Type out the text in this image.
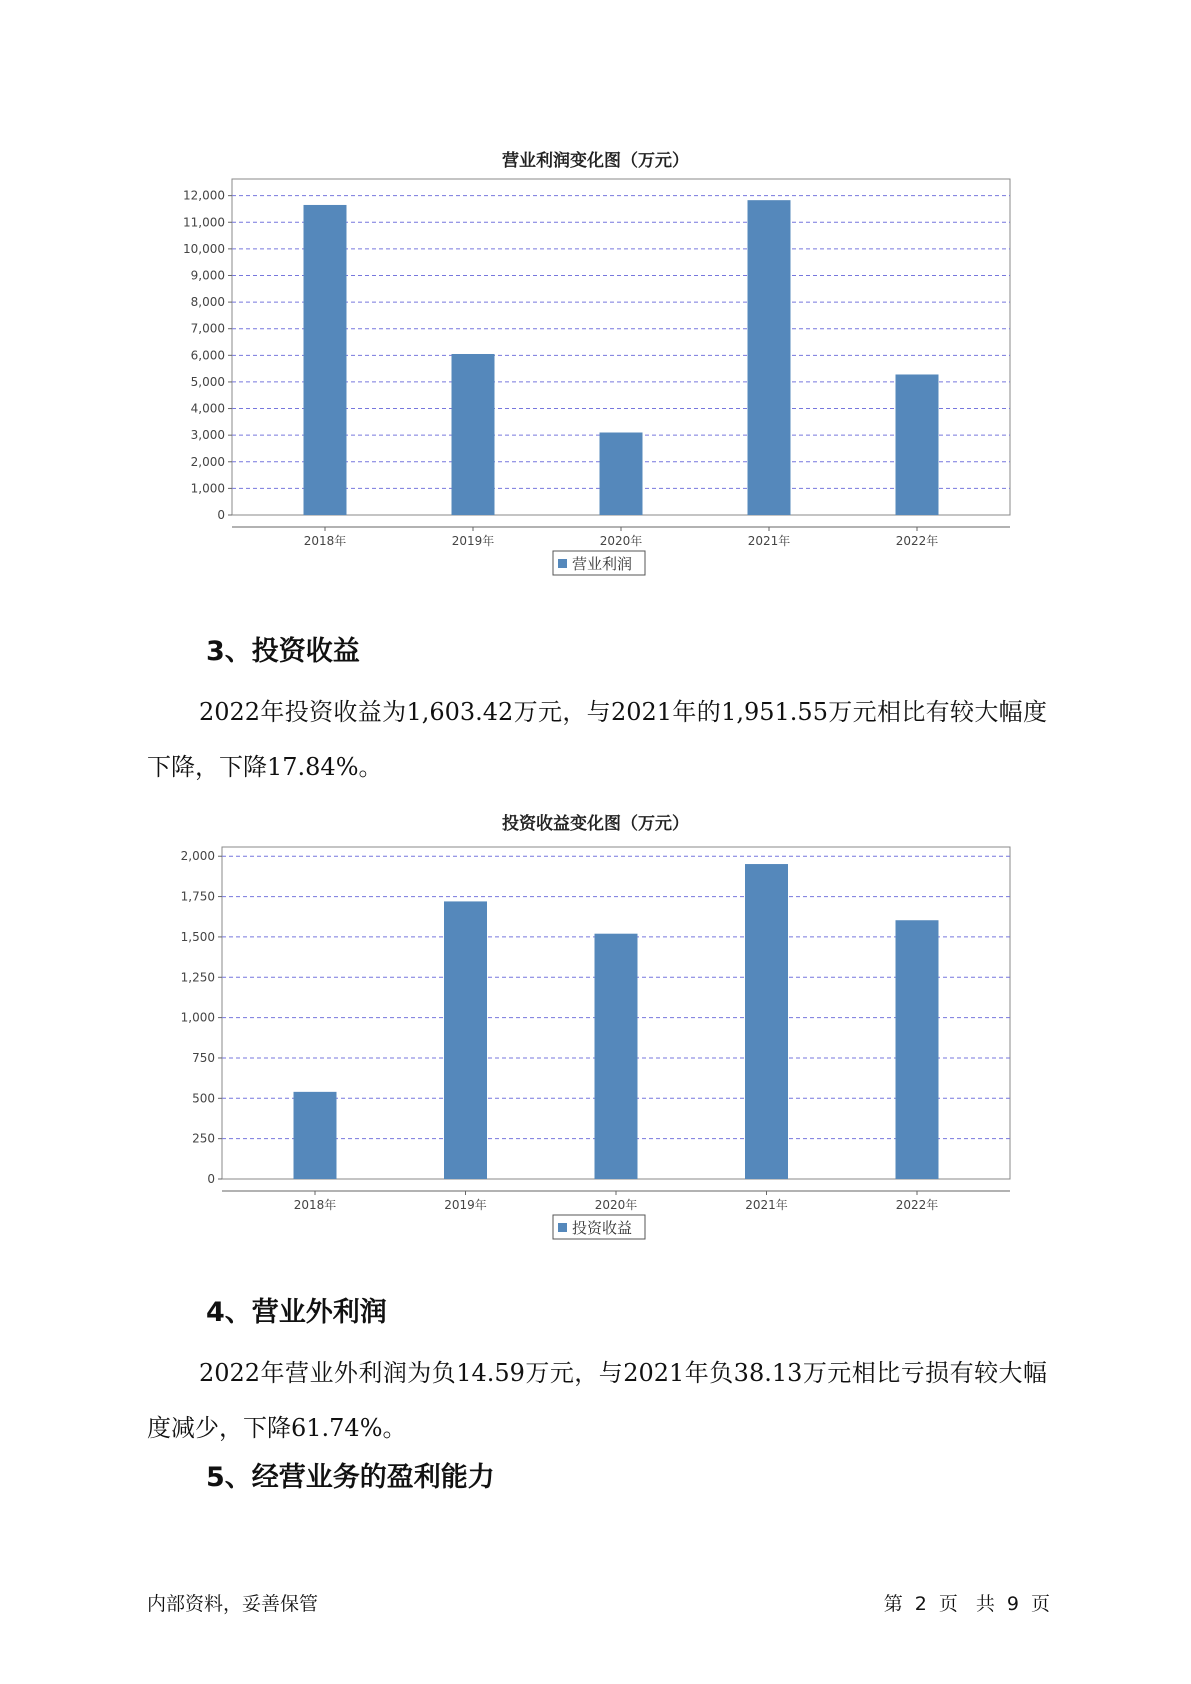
营业利润变化图（万元）
0
1,000
2,000
3,000
4,000
5,000
6,000
7,000
8,000
9,000
10,000
11,000
12,000
2018年	2019年	2020年	2021年	2022年
营业利润
3、投资收益
2022年投资收益为1,603.42万元，与2021年的1,951.55万元相比有较大幅度下降，下降17.84%。
投资收益变化图（万元）
0
250
500
750
1,000
1,250
1,500
1,750
2,000
2018年	2019年	2020年	2021年	2022年
投资收益
4、营业外利润
2022年营业外利润为负14.59万元，与2021年负38.13万元相比亏损有较大幅度减少，下降61.74%。
5、经营业务的盈利能力
内部资料，妥善保管	第 2 页 共 9 页
